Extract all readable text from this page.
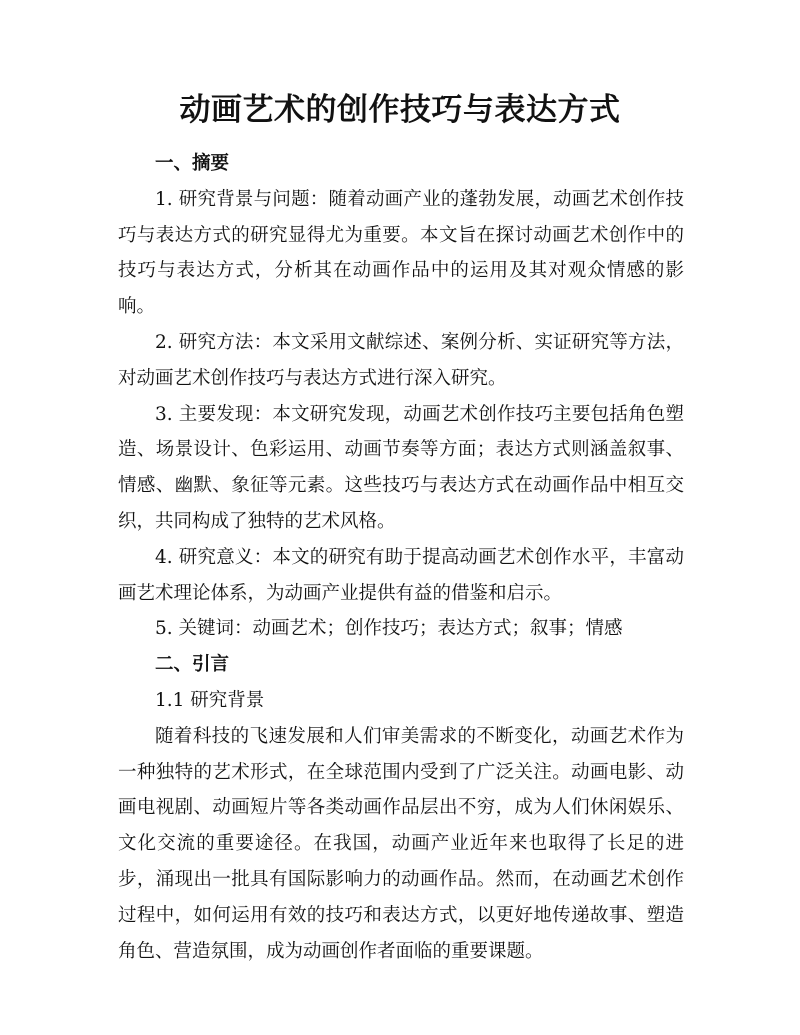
动画艺术的创作技巧与表达方式

一、摘要

1. 研究背景与问题：随着动画产业的蓬勃发展，动画艺术创作技巧与表达方式的研究显得尤为重要。本文旨在探讨动画艺术创作中的技巧与表达方式，分析其在动画作品中的运用及其对观众情感的影响。

2. 研究方法：本文采用文献综述、案例分析、实证研究等方法，对动画艺术创作技巧与表达方式进行深入研究。

3. 主要发现：本文研究发现，动画艺术创作技巧主要包括角色塑造、场景设计、色彩运用、动画节奏等方面；表达方式则涵盖叙事、情感、幽默、象征等元素。这些技巧与表达方式在动画作品中相互交织，共同构成了独特的艺术风格。

4. 研究意义：本文的研究有助于提高动画艺术创作水平，丰富动画艺术理论体系，为动画产业提供有益的借鉴和启示。

5. 关键词：动画艺术；创作技巧；表达方式；叙事；情感

二、引言

1.1 研究背景

随着科技的飞速发展和人们审美需求的不断变化，动画艺术作为一种独特的艺术形式，在全球范围内受到了广泛关注。动画电影、动画电视剧、动画短片等各类动画作品层出不穷，成为人们休闲娱乐、文化交流的重要途径。在我国，动画产业近年来也取得了长足的进步，涌现出一批具有国际影响力的动画作品。然而，在动画艺术创作过程中，如何运用有效的技巧和表达方式，以更好地传递故事、塑造角色、营造氛围，成为动画创作者面临的重要课题。
